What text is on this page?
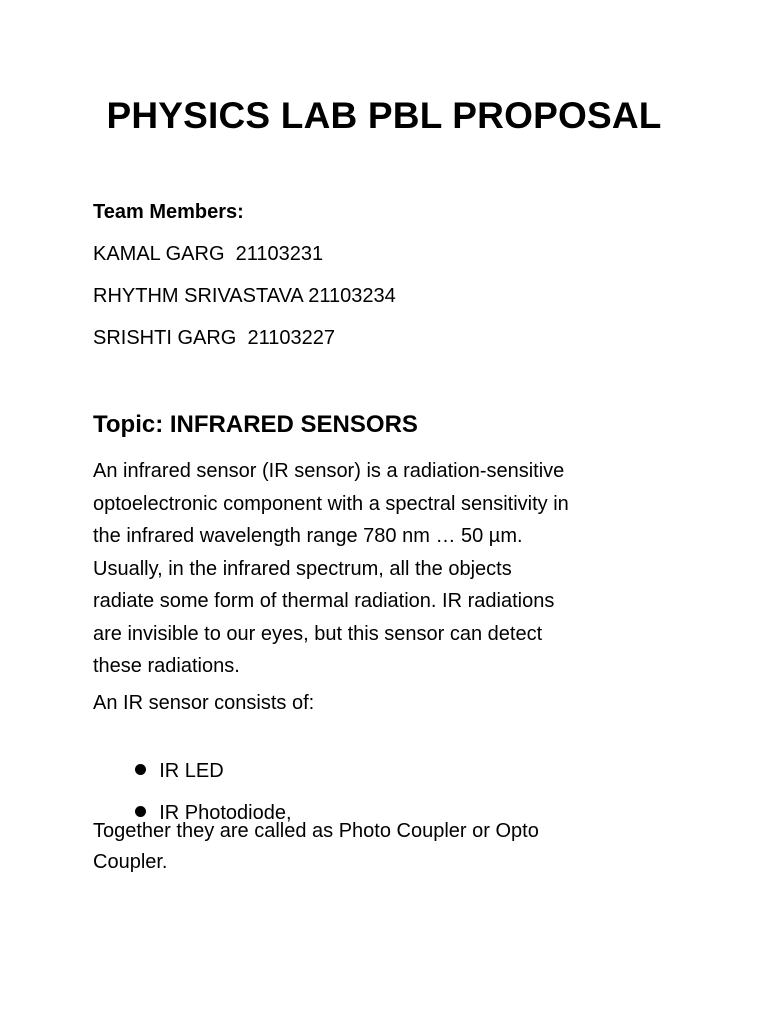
PHYSICS LAB PBL PROPOSAL
Team Members:
KAMAL GARG  21103231
RHYTHM SRIVASTAVA 21103234
SRISHTI GARG  21103227
Topic: INFRARED SENSORS
An infrared sensor (IR sensor) is a radiation-sensitive
optoelectronic component with a spectral sensitivity in
the infrared wavelength range 780 nm … 50 µm.
Usually, in the infrared spectrum, all the objects
radiate some form of thermal radiation. IR radiations
are invisible to our eyes, but this sensor can detect
these radiations.
An IR sensor consists of:

IR LED

IR Photodiode,

Together they are called as Photo Coupler or Opto
Coupler.
